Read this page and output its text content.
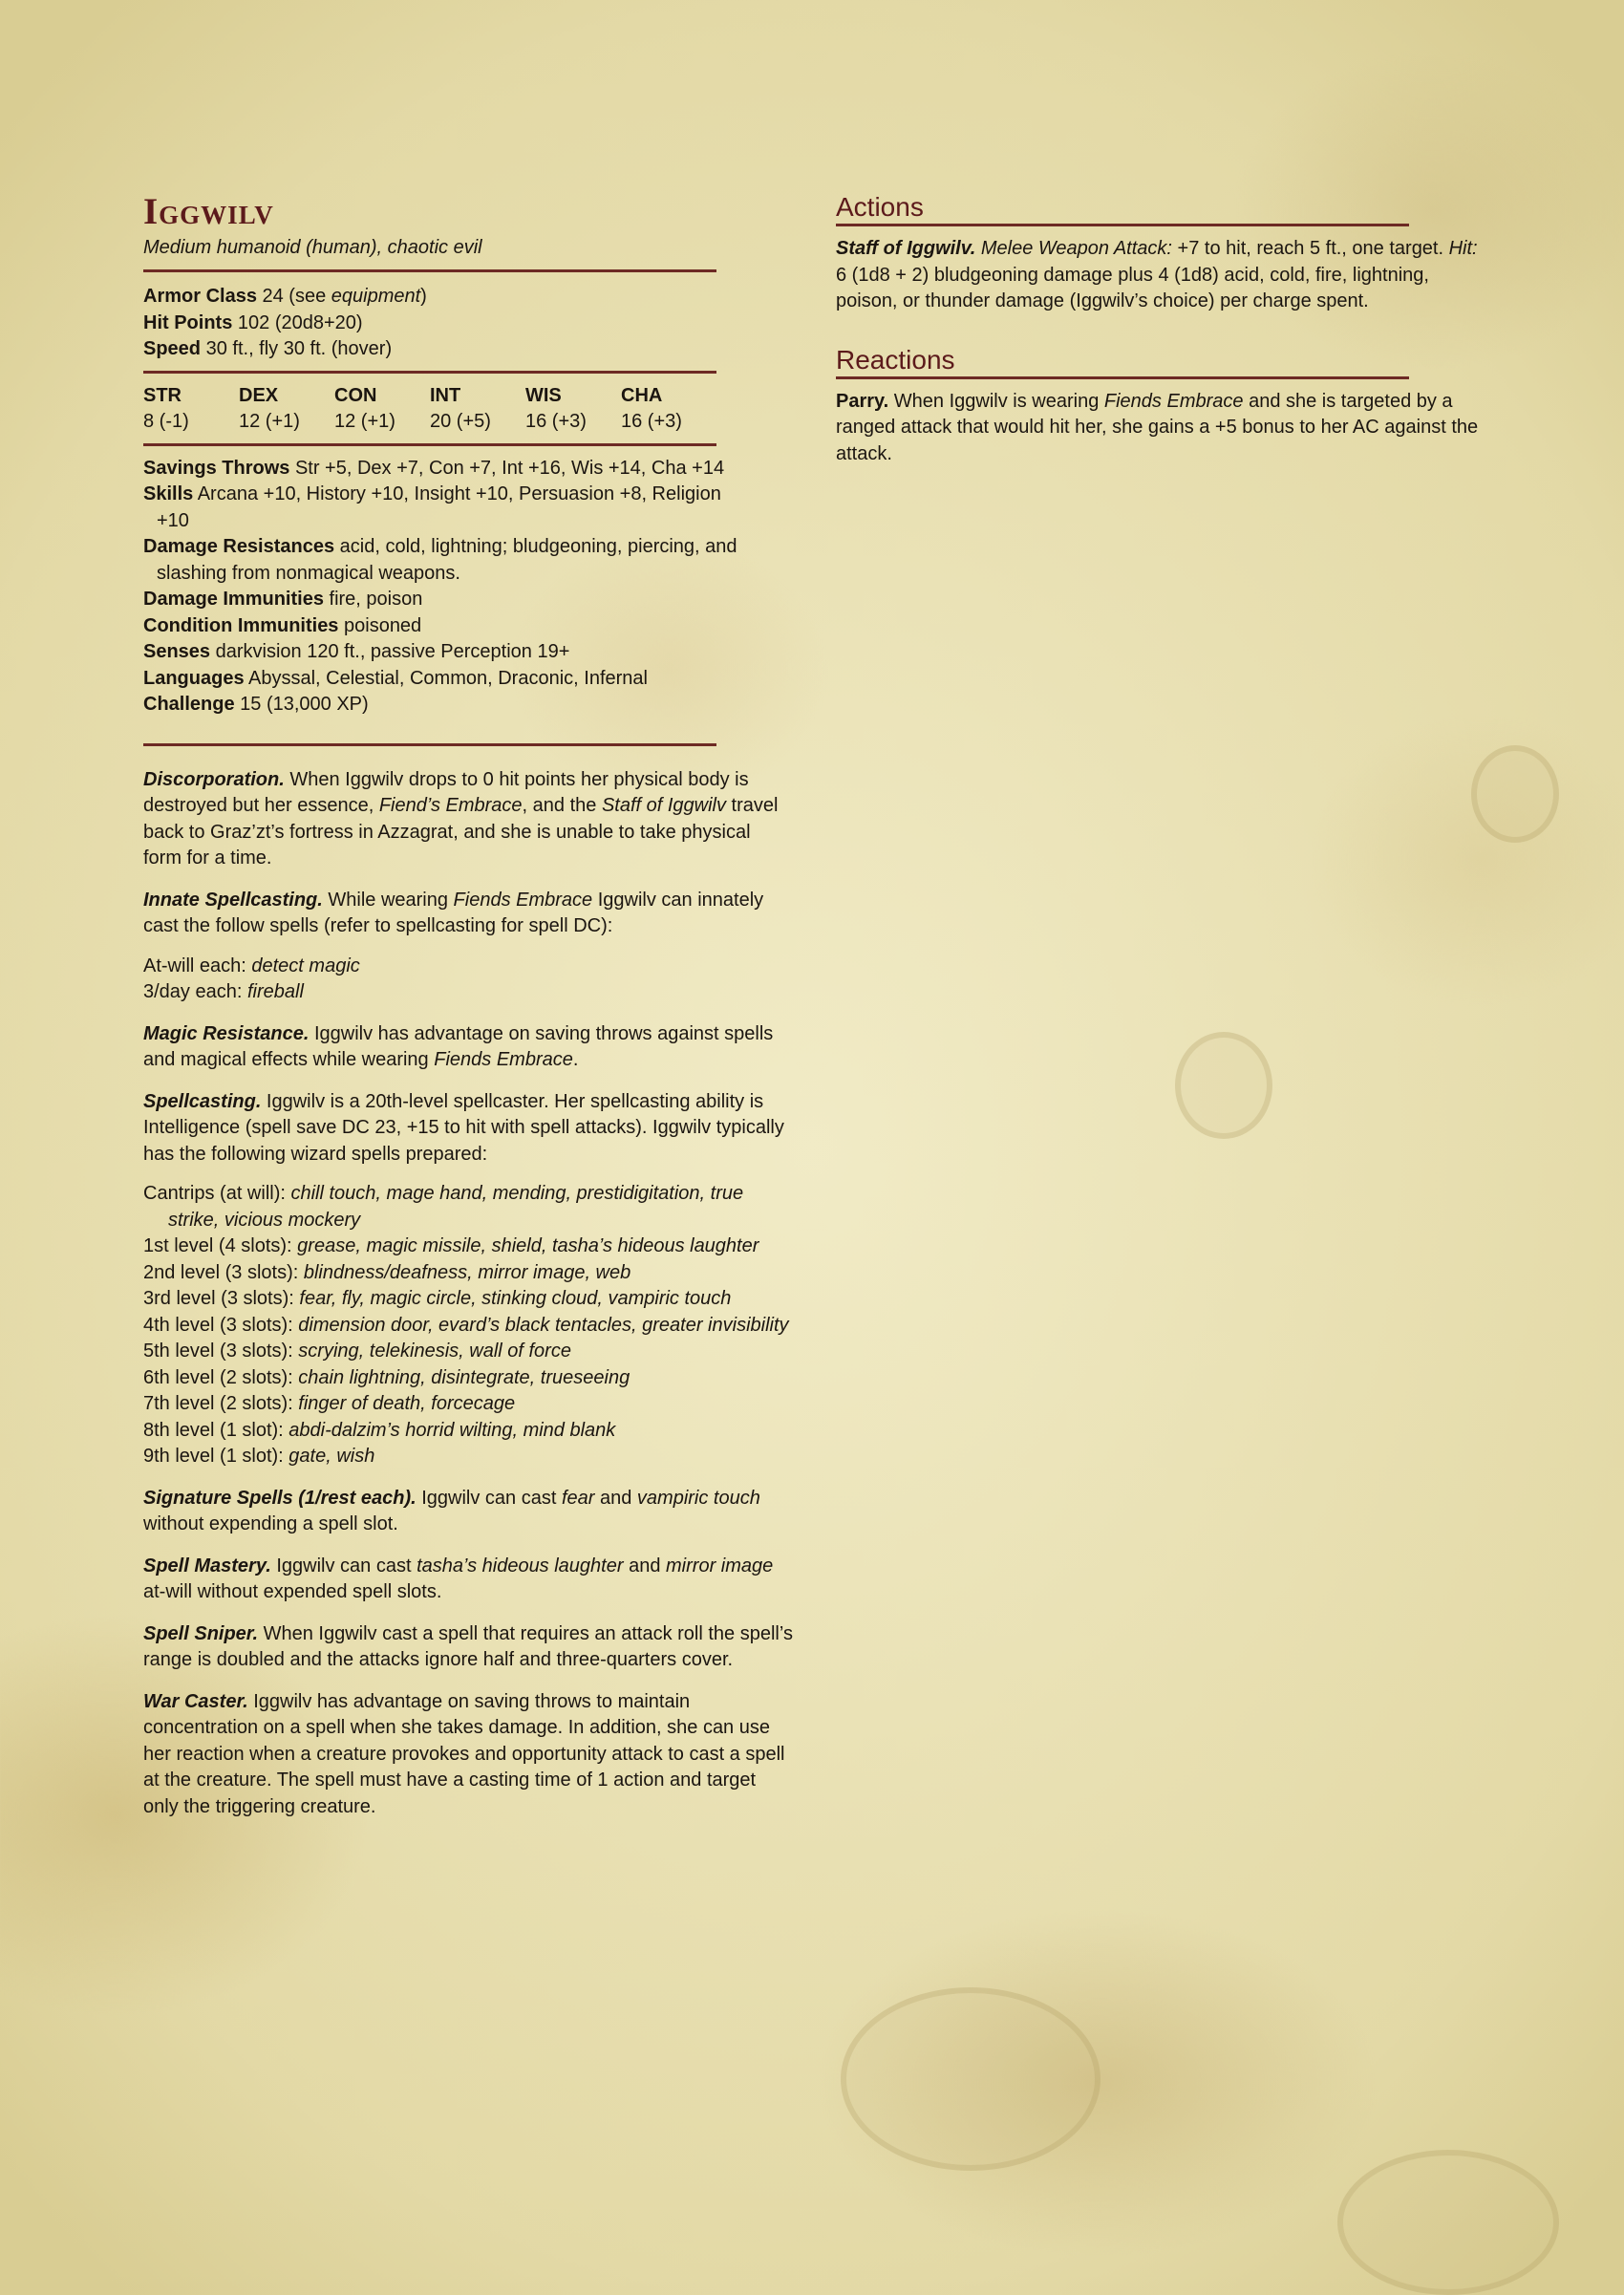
Iggwilv
Medium humanoid (human), chaotic evil
Armor Class 24 (see equipment)
Hit Points 102 (20d8+20)
Speed 30 ft., fly 30 ft. (hover)
STR
8 (-1)
DEX
12 (+1)
CON
12 (+1)
INT
20 (+5)
WIS
16 (+3)
CHA
16 (+3)
Savings Throws Str +5, Dex +7, Con +7, Int +16, Wis +14, Cha +14
Skills Arcana +10, History +10, Insight +10, Persuasion +8, Religion +10
Damage Resistances acid, cold, lightning; bludgeoning, piercing, and slashing from nonmagical weapons.
Damage Immunities fire, poison
Condition Immunities poisoned
Senses darkvision 120 ft., passive Perception 19+
Languages Abyssal, Celestial, Common, Draconic, Infernal
Challenge 15 (13,000 XP)

Discorporation. When Iggwilv drops to 0 hit points her physical body is destroyed but her essence, Fiend’s Embrace, and the Staff of Iggwilv travel back to Graz’zt’s fortress in Azzagrat, and she is unable to take physical form for a time.

Innate Spellcasting. While wearing Fiends Embrace Iggwilv can innately cast the follow spells (refer to spellcasting for spell DC):

At-will each: detect magic
3/day each: fireball

Magic Resistance. Iggwilv has advantage on saving throws against spells and magical effects while wearing Fiends Embrace.

Spellcasting. Iggwilv is a 20th-level spellcaster. Her spellcasting ability is Intelligence (spell save DC 23, +15 to hit with spell attacks). Iggwilv typically has the following wizard spells prepared:

Cantrips (at will): chill touch, mage hand, mending, prestidigitation, true strike, vicious mockery
1st level (4 slots): grease, magic missile, shield, tasha’s hideous laughter
2nd level (3 slots): blindness/deafness, mirror image, web
3rd level (3 slots): fear, fly, magic circle, stinking cloud, vampiric touch
4th level (3 slots): dimension door, evard’s black tentacles, greater invisibility
5th level (3 slots): scrying, telekinesis, wall of force
6th level (2 slots): chain lightning, disintegrate, trueseeing
7th level (2 slots): finger of death, forcecage
8th level (1 slot): abdi-dalzim’s horrid wilting, mind blank
9th level (1 slot): gate, wish

Signature Spells (1/rest each). Iggwilv can cast fear and vampiric touch without expending a spell slot.

Spell Mastery. Iggwilv can cast tasha’s hideous laughter and mirror image at-will without expended spell slots.

Spell Sniper. When Iggwilv cast a spell that requires an attack roll the spell’s range is doubled and the attacks ignore half and three-quarters cover.

War Caster. Iggwilv has advantage on saving throws to maintain concentration on a spell when she takes damage. In addition, she can use her reaction when a creature provokes and opportunity attack to cast a spell at the creature. The spell must have a casting time of 1 action and target only the triggering creature.

Actions

Staff of Iggwilv. Melee Weapon Attack: +7 to hit, reach 5 ft., one target. Hit: 6 (1d8 + 2) bludgeoning damage plus 4 (1d8) acid, cold, fire, lightning, poison, or thunder damage (Iggwilv’s choice) per charge spent.

Reactions

Parry. When Iggwilv is wearing Fiends Embrace and she is targeted by a ranged attack that would hit her, she gains a +5 bonus to her AC against the attack.
